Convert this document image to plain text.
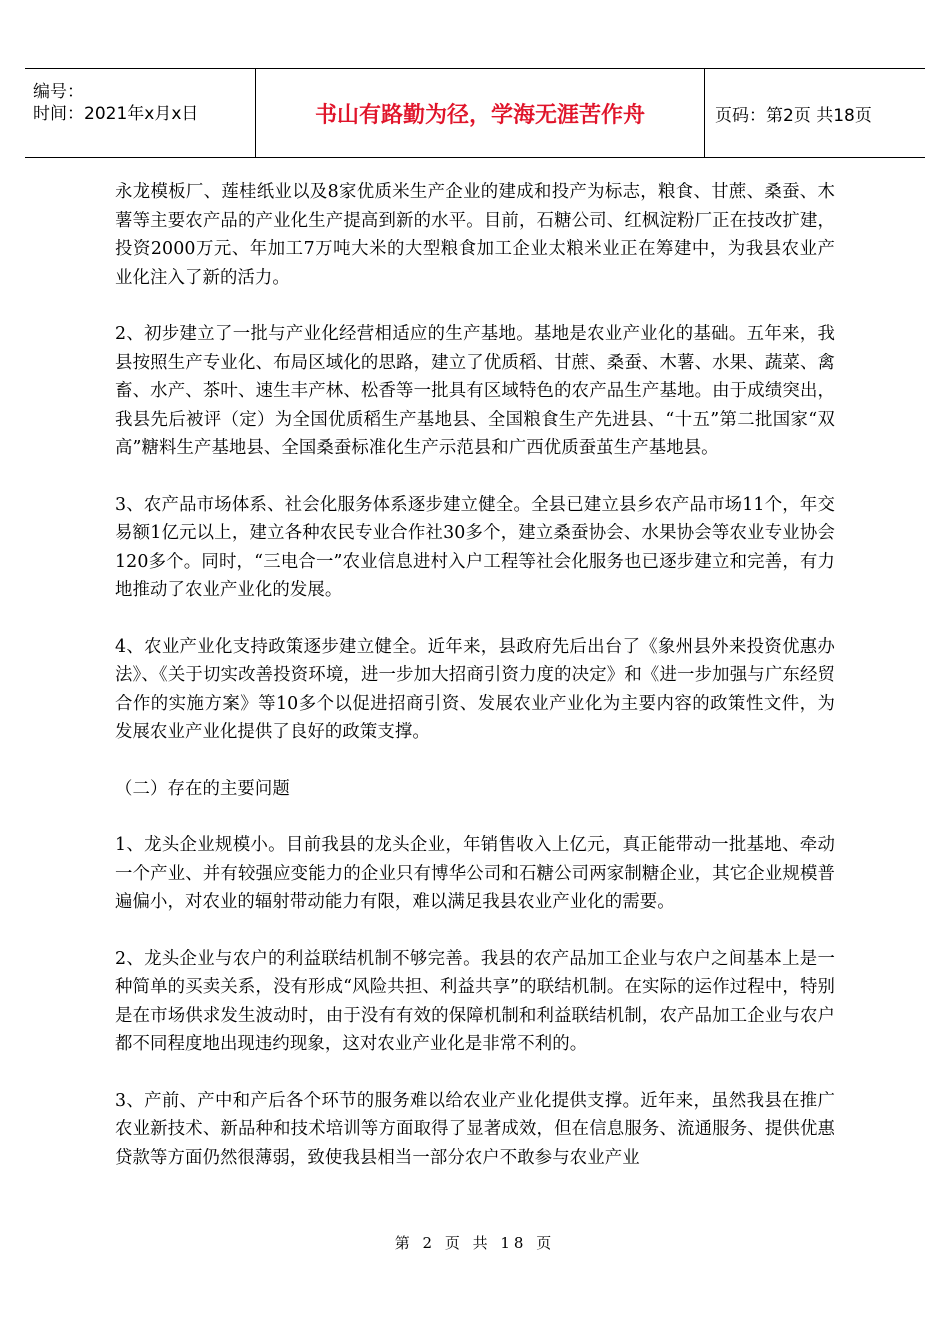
编号：
时间：2021年x月x日	书山有路勤为径，学海无涯苦作舟	页码：第2页 共18页

永龙模板厂、莲桂纸业以及8家优质米生产企业的建成和投产为标志，粮食、甘蔗、桑蚕、木薯等主要农产品的产业化生产提高到新的水平。目前，石糖公司、红枫淀粉厂正在技改扩建，投资2000万元、年加工7万吨大米的大型粮食加工企业太粮米业正在筹建中，为我县农业产业化注入了新的活力。

2、初步建立了一批与产业化经营相适应的生产基地。基地是农业产业化的基础。五年来，我县按照生产专业化、布局区域化的思路，建立了优质稻、甘蔗、桑蚕、木薯、水果、蔬菜、禽畜、水产、茶叶、速生丰产林、松香等一批具有区域特色的农产品生产基地。由于成绩突出，我县先后被评（定）为全国优质稻生产基地县、全国粮食生产先进县、“十五”第二批国家“双高”糖料生产基地县、全国桑蚕标准化生产示范县和广西优质蚕茧生产基地县。

3、农产品市场体系、社会化服务体系逐步建立健全。全县已建立县乡农产品市场11个，年交易额1亿元以上，建立各种农民专业合作社30多个，建立桑蚕协会、水果协会等农业专业协会120多个。同时，“三电合一”农业信息进村入户工程等社会化服务也已逐步建立和完善，有力地推动了农业产业化的发展。

4、农业产业化支持政策逐步建立健全。近年来，县政府先后出台了《象州县外来投资优惠办法》、《关于切实改善投资环境，进一步加大招商引资力度的决定》和《进一步加强与广东经贸合作的实施方案》等10多个以促进招商引资、发展农业产业化为主要内容的政策性文件，为发展农业产业化提供了良好的政策支撑。

（二）存在的主要问题

1、龙头企业规模小。目前我县的龙头企业，年销售收入上亿元，真正能带动一批基地、牵动一个产业、并有较强应变能力的企业只有博华公司和石糖公司两家制糖企业，其它企业规模普遍偏小，对农业的辐射带动能力有限，难以满足我县农业产业化的需要。

2、龙头企业与农户的利益联结机制不够完善。我县的农产品加工企业与农户之间基本上是一种简单的买卖关系，没有形成“风险共担、利益共享”的联结机制。在实际的运作过程中，特别是在市场供求发生波动时，由于没有有效的保障机制和利益联结机制，农产品加工企业与农户都不同程度地出现违约现象，这对农业产业化是非常不利的。

3、产前、产中和产后各个环节的服务难以给农业产业化提供支撑。近年来，虽然我县在推广农业新技术、新品种和技术培训等方面取得了显著成效，但在信息服务、流通服务、提供优惠贷款等方面仍然很薄弱，致使我县相当一部分农户不敢参与农业产业

第 2 页 共 18 页
